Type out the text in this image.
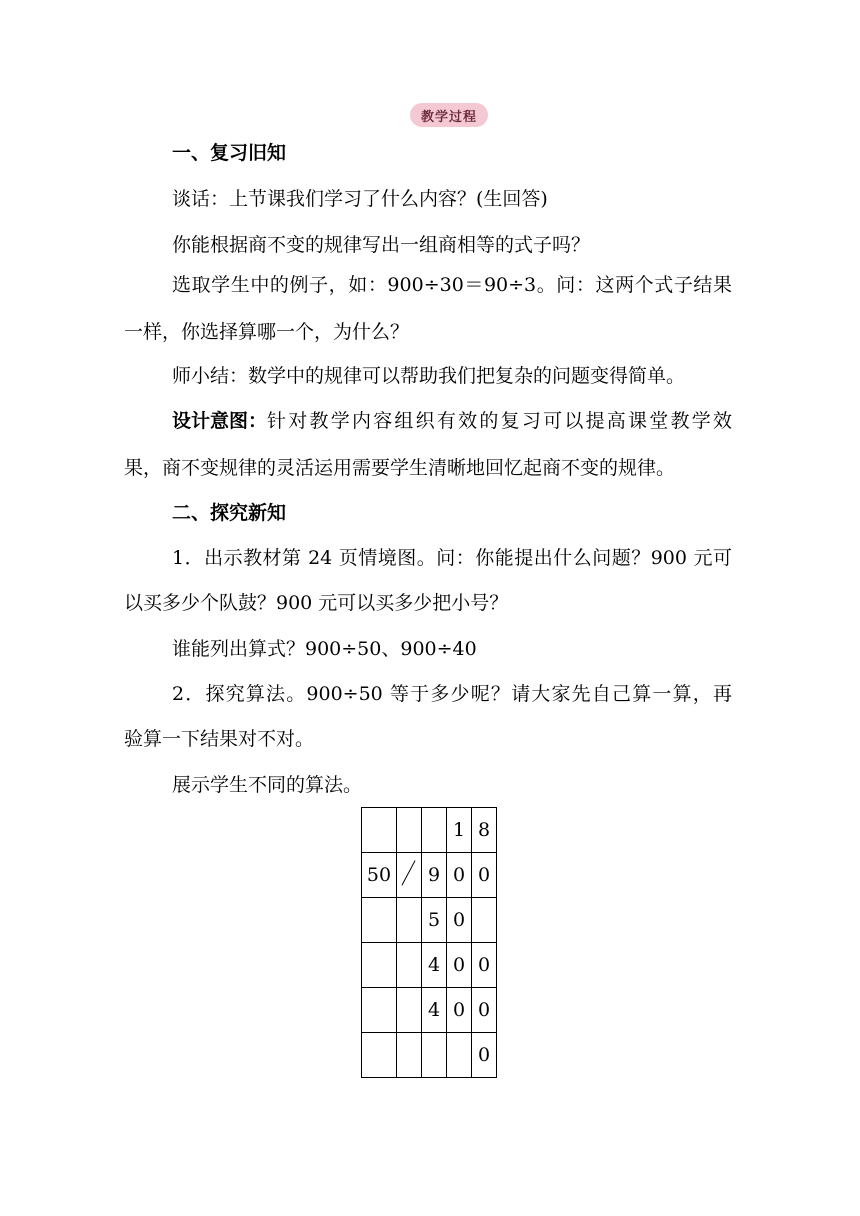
教学过程
一、复习旧知
谈话：上节课我们学习了什么内容？(生回答)
你能根据商不变的规律写出一组商相等的式子吗？
选取学生中的例子，如：900÷30＝90÷3。问：这两个式子结果
一样，你选择算哪一个，为什么？
师小结：数学中的规律可以帮助我们把复杂的问题变得简单。
设计意图： 针对教学内容组织有效的复习可以提高课堂教学效
果，商不变规律的灵活运用需要学生清晰地回忆起商不变的规律。
二、探究新知
1．出示教材第 24 页情境图。问：你能提出什么问题？900 元可
以买多少个队鼓？900 元可以买多少把小号？
谁能列出算式？900÷50、900÷40
2．探究算法。900÷50 等于多少呢？请大家先自己算一算，再
验算一下结果对不对。
展示学生不同的算法。
			1	8
50		9	0	0
		5	0	
		4	0	0
		4	0	0
				0
